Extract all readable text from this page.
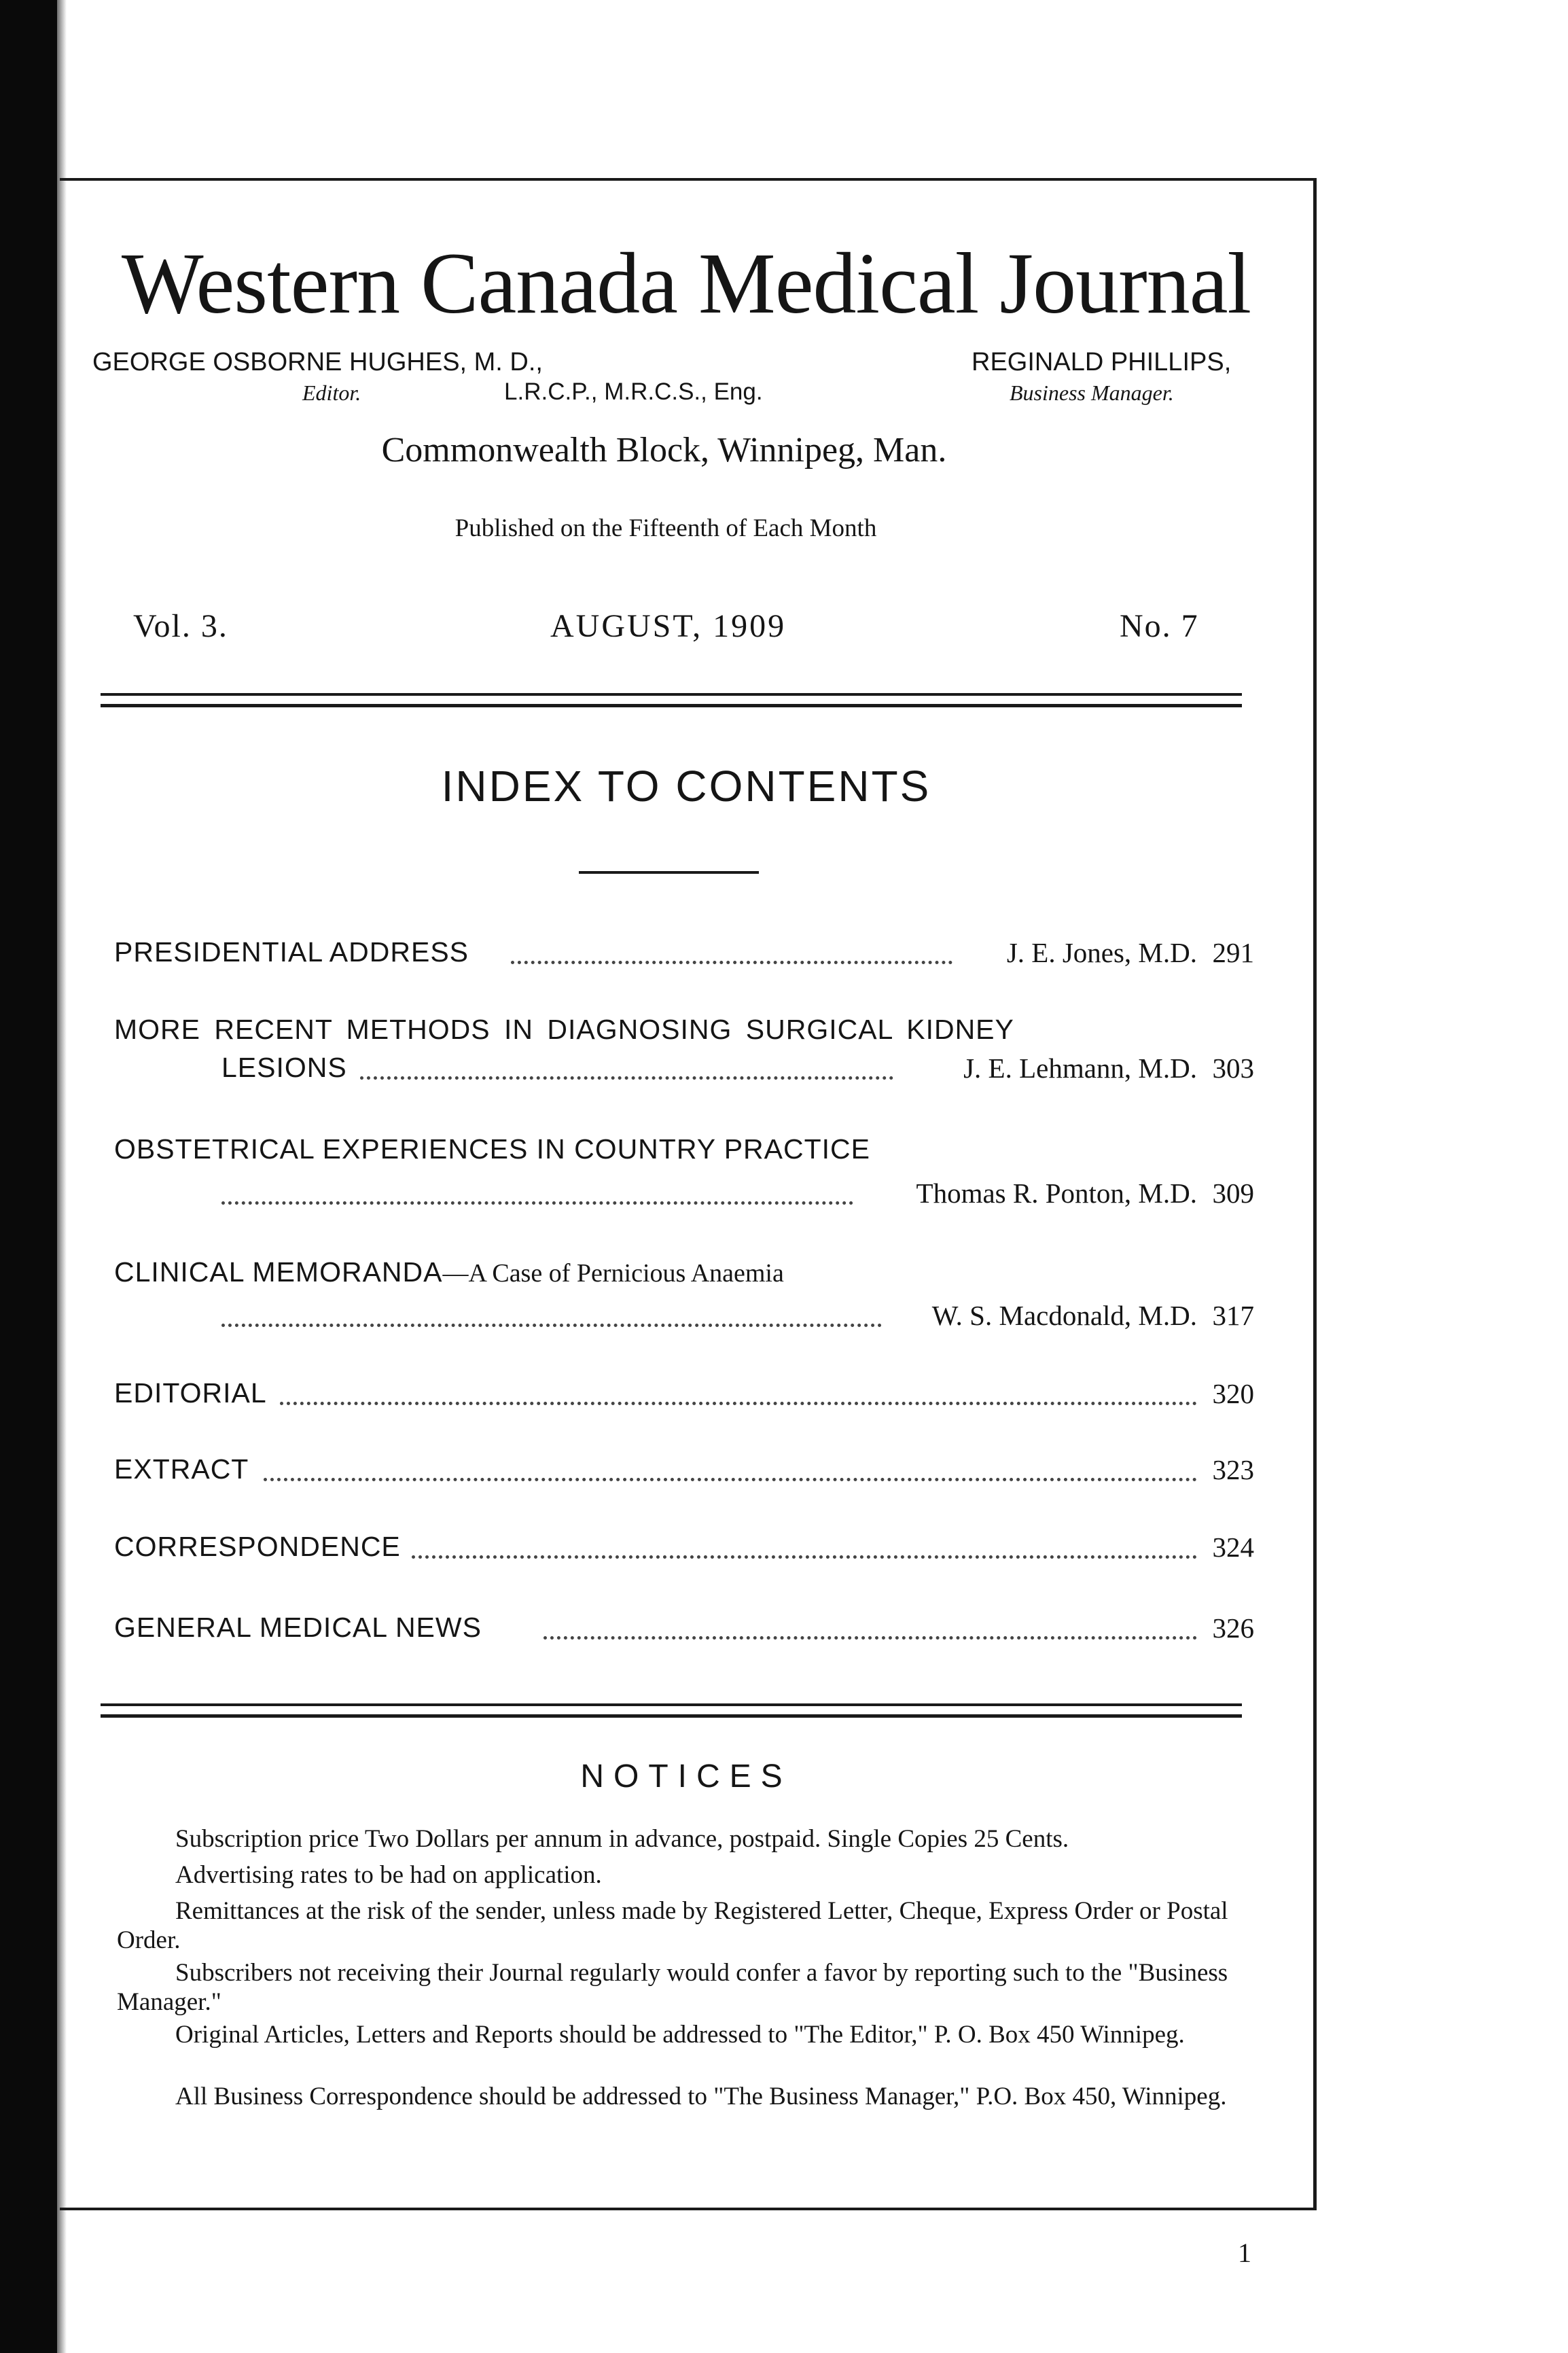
Western Canada Medical Journal
GEORGE OSBORNE HUGHES, M. D.,
Editor.	L.R.C.P., M.R.C.S., Eng.
REGINALD PHILLIPS,
Business Manager.
Commonwealth Block, Winnipeg, Man.
Published on the Fifteenth of Each Month
Vol. 3.	AUGUST, 1909	No. 7
INDEX TO CONTENTS
PRESIDENTIAL ADDRESS	J. E. Jones, M.D. 291
MORE RECENT METHODS IN DIAGNOSING SURGICAL KIDNEY
LESIONS	J. E. Lehmann, M.D. 303
OBSTETRICAL EXPERIENCES IN COUNTRY PRACTICE
Thomas R. Ponton, M.D. 309
CLINICAL MEMORANDA—A Case of Pernicious Anaemia
W. S. Macdonald, M.D. 317
EDITORIAL	320
EXTRACT	323
CORRESPONDENCE	324
GENERAL MEDICAL NEWS	326
NOTICES
Subscription price Two Dollars per annum in advance, postpaid. Single Copies 25 Cents.
Advertising rates to be had on application.
Remittances at the risk of the sender, unless made by Registered Letter, Cheque, Express Order or Postal Order.
Subscribers not receiving their Journal regularly would confer a favor by reporting such to the "Business Manager."
Original Articles, Letters and Reports should be addressed to "The Editor," P. O. Box 450 Winnipeg.
All Business Correspondence should be addressed to "The Business Manager," P.O. Box 450, Winnipeg.
1
